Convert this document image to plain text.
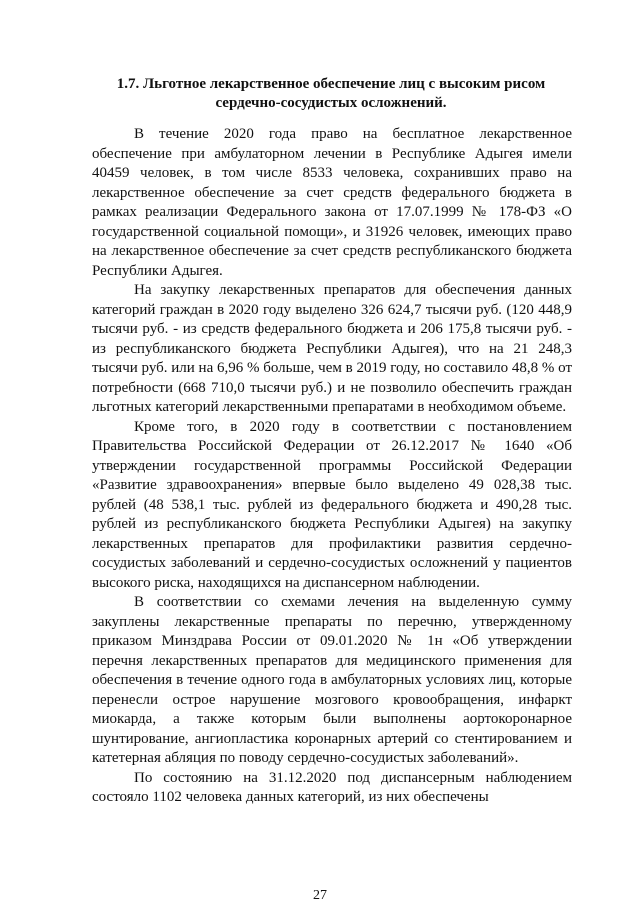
1.7. Льготное лекарственное обеспечение лиц с высоким рисом
сердечно-сосудистых осложнений.

В течение 2020 года право на бесплатное лекарственное обеспечение при амбулаторном лечении в Республике Адыгея имели 40459 человек, в том числе 8533 человека, сохранивших право на лекарственное обеспечение за счет средств федерального бюджета в рамках реализации Федерального закона от 17.07.1999 № 178-ФЗ «О государственной социальной помощи», и 31926 человек, имеющих право на лекарственное обеспечение за счет средств республиканского бюджета Республики Адыгея.

На закупку лекарственных препаратов для обеспечения данных категорий граждан в 2020 году выделено 326 624,7 тысячи руб. (120 448,9 тысячи руб. - из средств федерального бюджета и 206 175,8 тысячи руб. - из республиканского бюджета Республики Адыгея), что на 21 248,3 тысячи руб. или на 6,96 % больше, чем в 2019 году, но составило 48,8 % от потребности (668 710,0 тысячи руб.) и не позволило обеспечить граждан льготных категорий лекарственными препаратами в необходимом объеме.

Кроме того, в 2020 году в соответствии с постановлением Правительства Российской Федерации от 26.12.2017 № 1640 «Об утверждении государственной программы Российской Федерации «Развитие здравоохранения» впервые было выделено 49 028,38 тыс. рублей (48 538,1 тыс. рублей из федерального бюджета и 490,28 тыс. рублей из республиканского бюджета Республики Адыгея) на закупку лекарственных препаратов для профилактики развития сердечно-сосудистых заболеваний и сердечно-сосудистых осложнений у пациентов высокого риска, находящихся на диспансерном наблюдении.

В соответствии со схемами лечения на выделенную сумму закуплены лекарственные препараты по перечню, утвержденному приказом Минздрава России от 09.01.2020 № 1н «Об утверждении перечня лекарственных препаратов для медицинского применения для обеспечения в течение одного года в амбулаторных условиях лиц, которые перенесли острое нарушение мозгового кровообращения, инфаркт миокарда, а также которым были выполнены аортокоронарное шунтирование, ангиопластика коронарных артерий со стентированием и катетерная абляция по поводу сердечно-сосудистых заболеваний».

По состоянию на 31.12.2020 под диспансерным наблюдением состояло 1102 человека данных категорий, из них обеспечены

27
